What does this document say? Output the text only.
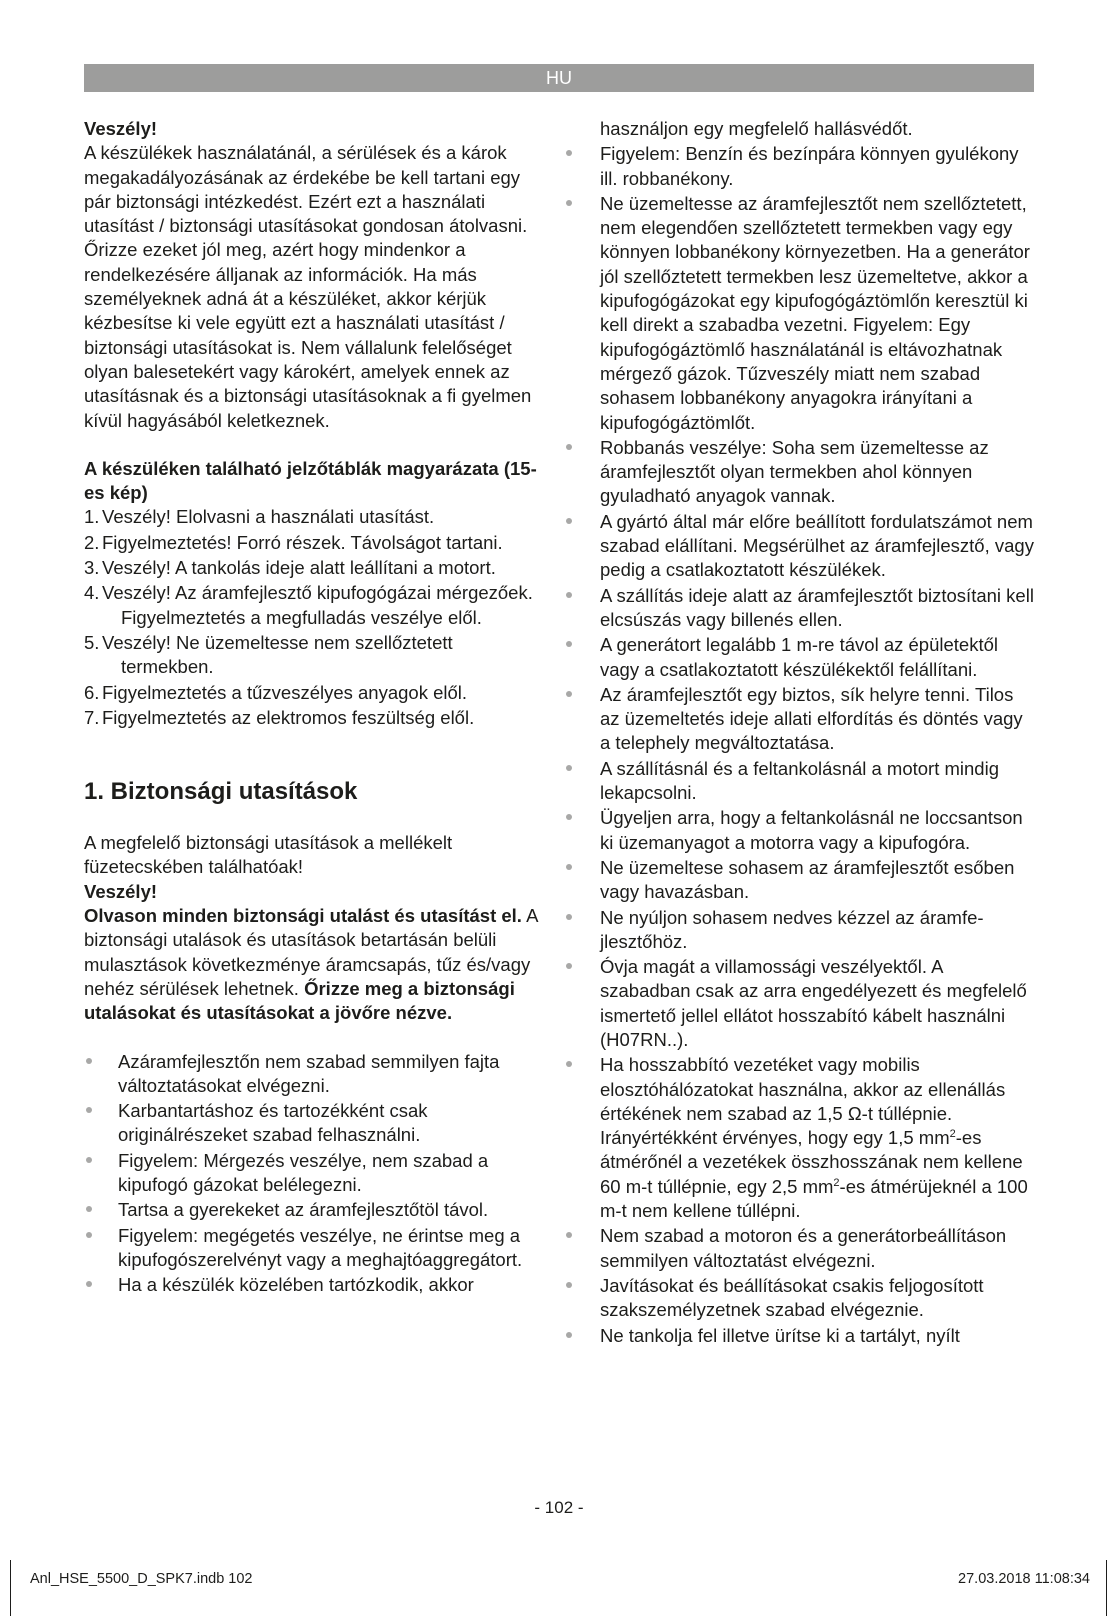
HU

Veszély!

A készülékek használatánál, a sérülések és a károk megakadályozásának az érdekébe be kell tartani egy pár biztonsági intézkedést. Ezért ezt a használati utasítást / biztonsági utasításokat gondosan átolvasni. Őrizze ezeket jól meg, azért hogy mindenkor a rendelkezésére álljanak az információk. Ha más személyeknek adná át a készüléket, akkor kérjük kézbesítse ki vele együtt ezt a használati utasítást / biztonsági utasításokat is. Nem vállalunk felelőséget olyan balesetekért vagy károkért, amelyek ennek az utasításnak és a biztonsági utasításoknak a fi gyelmen kívül hagyásából keletkeznek.

A készüléken található jelzőtáblák magyarázata (15-es kép)

1. Veszély! Elolvasni a használati utasítást.
2. Figyelmeztetés! Forró részek. Távolságot tartani.
3. Veszély! A tankolás ideje alatt leállítani a motort.
4. Veszély! Az áramfejlesztő kipufogógázai mérgezőek. Figyelmeztetés a megfulladás veszélye elől.
5. Veszély! Ne üzemeltesse nem szellőztetett termekben.
6. Figyelmeztetés a tűzveszélyes anyagok elől.
7. Figyelmeztetés az elektromos feszültség elől.
1. Biztonsági utasítások

A megfelelő biztonsági utasítások a mellékelt füzetecskében találhatóak!

Veszély!

Olvason minden biztonsági utalást és utasítást el. A biztonsági utalások és utasítások betartásán belüli mulasztások következménye áramcsapás, tűz és/vagy nehéz sérülések lehetnek. Őrizze meg a biztonsági utalásokat és utasításokat a jövőre nézve.

Azáramfejlesztőn nem szabad semmilyen fajta változtatásokat elvégezni.
Karbantartáshoz és tartozékként csak originálrészeket szabad felhasználni.
Figyelem: Mérgezés veszélye, nem szabad a kipufogó gázokat belélegezni.
Tartsa a gyerekeket az áramfejlesztőtöl távol.
Figyelem: megégetés veszélye, ne érintse meg a kipufogószerelvényt vagy a meghajtóaggregátort.
Ha a készülék közelében tartózkodik, akkor
használjon egy megfelelő hallásvédőt.
Figyelem: Benzín és bezínpára könnyen gyulékony ill. robbanékony.
Ne üzemeltesse az áramfejlesztőt nem szellőztetett, nem elegendően szellőztetett termekben vagy egy könnyen lobbanékony környezetben. Ha a generátor jól szellőztetett termekben lesz üzemeltetve, akkor a kipufogógázokat egy kipufogógáztömlőn keresztül ki kell direkt a szabadba vezetni. Figyelem: Egy kipufogógáztömlő használatánál is eltávozhatnak mérgező gázok. Tűzveszély miatt nem szabad sohasem lobbanékony anyagokra irányítani a kipufogógáztömlőt.
Robbanás veszélye: Soha sem üzemeltesse az áramfejlesztőt olyan termekben ahol könnyen gyuladható anyagok vannak.
A gyártó által már előre beállított fordulatszámot nem szabad elállítani. Megsérülhet az áramfejlesztő, vagy pedig a csatlakoztatott készülékek.
A szállítás ideje alatt az áramfejlesztőt biztosítani kell elcsúszás vagy billenés ellen.
A generátort legalább 1 m-re távol az épületektől vagy a csatlakoztatott készülékektől felállítani.
Az áramfejlesztőt egy biztos, sík helyre tenni. Tilos az üzemeltetés ideje allati elfordítás és döntés vagy a telephely megváltoztatása.
A szállításnál és a feltankolásnál a motort mindig lekapcsolni.
Ügyeljen arra, hogy a feltankolásnál ne loccsantson ki üzemanyagot a motorra vagy a kipufogóra.
Ne üzemeltese sohasem az áramfejlesztőt esőben vagy havazásban.
Ne nyúljon sohasem nedves kézzel az áramfe-jlesztőhöz.
Óvja magát a villamossági veszélyektől. A szabadban csak az arra engedélyezett és megfelelő ismertető jellel ellátot hosszabító kábelt használni (H07RN..).
Ha hosszabbító vezetéket vagy mobilis elosztóhálózatokat használna, akkor az ellenállás értékének nem szabad az 1,5 Ω-t túllépnie. Irányértékként érvényes, hogy egy 1,5 $mm^2-es$ átmérőnél a vezetékek összhosszának nem kellene 60 m-t túllépnie, egy 2,5 $mm^2-es$ átmérüjeknél a 100 m-t nem kellene túllépni.
Nem szabad a motoron és a generátorbeállításon semmilyen változtatást elvégezni.
Javításokat és beállításokat csakis feljogosított szakszemélyzetnek szabad elvégeznie.
Ne tankolja fel illetve ürítse ki a tartályt, nyílt
- 102 -
Anl_HSE_5500_D_SPK7.indb 102	27.03.2018 11:08:34
